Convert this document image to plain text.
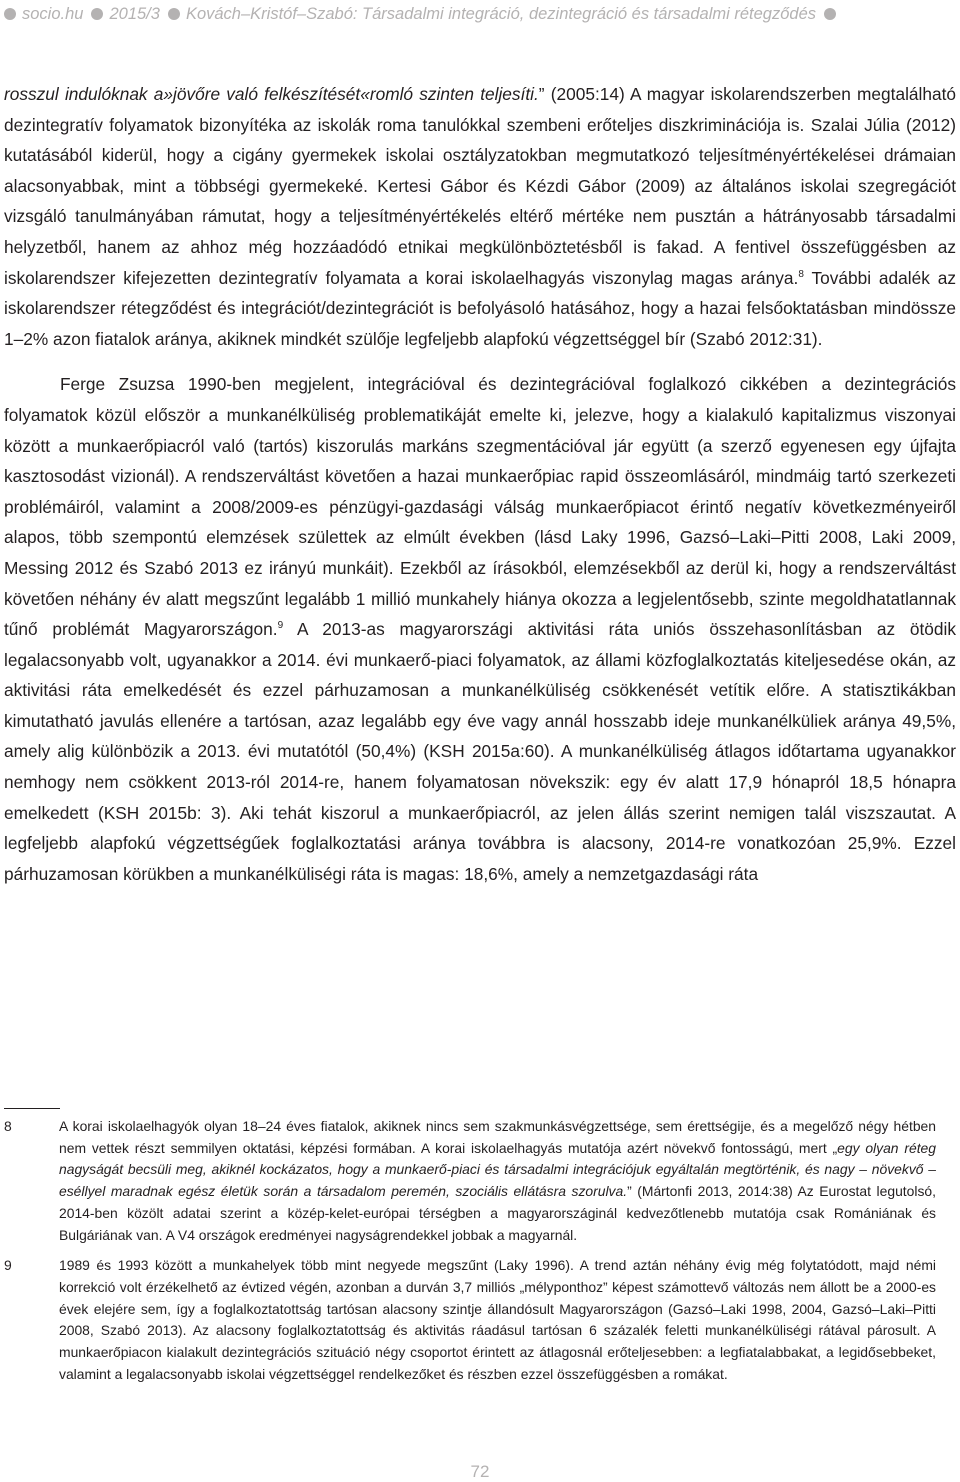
socio.hu 2015/3 Kovách–Kristóf–Szabó: Társadalmi integráció, dezintegráció és társadalmi rétegződés

rosszul indulóknak a»jövőre való felkészítését«romló szinten teljesíti.” (2005:14) A magyar iskolarendszerben megtalálható dezintegratív folyamatok bizonyítéka az iskolák roma tanulókkal szembeni erőteljes diszkriminációja is. Szalai Júlia (2012) kutatásából kiderül, hogy a cigány gyermekek iskolai osztályzatokban megmutatkozó teljesítményértékelései drámaian alacsonyabbak, mint a többségi gyermekeké. Kertesi Gábor és Kézdi Gábor (2009) az általános iskolai szegregációt vizsgáló tanulmányában rámutat, hogy a teljesítményértékelés eltérő mértéke nem pusztán a hátrányosabb társadalmi helyzetből, hanem az ahhoz még hozzáadódó etnikai megkülönböztetésből is fakad. A fentivel összefüggésben az iskolarendszer kifejezetten dezintegratív folyamata a korai iskolaelhagyás viszonylag magas aránya.$^8$ További adalék az iskolarendszer rétegződést és integrációt/dezintegrációt is befolyásoló hatásához, hogy a hazai felsőoktatásban mindössze 1–2% azon fiatalok aránya, akiknek mindkét szülője legfeljebb alapfokú végzettséggel bír (Szabó 2012:31).

Ferge Zsuzsa 1990-ben megjelent, integrációval és dezintegrációval foglalkozó cikkében a dezintegrációs folyamatok közül először a munkanélküliség problematikáját emelte ki, jelezve, hogy a kialakuló kapitalizmus viszonyai között a munkaerőpiacról való (tartós) kiszorulás markáns szegmentációval jár együtt (a szerző egyenesen egy újfajta kasztosodást vizionál). A rendszerváltást követően a hazai munkaerőpiac rapid összeomlásáról, mindmáig tartó szerkezeti problémáiról, valamint a 2008/2009-es pénzügyi-gazdasági válság munkaerőpiacot érintő negatív következményeiről alapos, több szempontú elemzések születtek az elmúlt években (lásd Laky 1996, Gazsó–Laki–Pitti 2008, Laki 2009, Messing 2012 és Szabó 2013 ez irányú munkáit). Ezekből az írásokból, elemzésekből az derül ki, hogy a rendszerváltást követően néhány év alatt megszűnt legalább 1 millió munkahely hiánya okozza a legjelentősebb, szinte megoldhatatlannak tűnő problémát Magyarországon.$^9$ A 2013-as magyarországi aktivitási ráta uniós összehasonlításban az ötödik legalacsonyabb volt, ugyanakkor a 2014. évi munkaerő-piaci folyamatok, az állami közfoglalkoztatás kiteljesedése okán, az aktivitási ráta emelkedését és ezzel párhuzamosan a munkanélküliség csökkenését vetítik előre. A statisztikákban kimutatható javulás ellenére a tartósan, azaz legalább egy éve vagy annál hosszabb ideje munkanélküliek aránya 49,5%, amely alig különbözik a 2013. évi mutatótól (50,4%) (KSH 2015a:60). A munkanélküliség átlagos időtartama ugyanakkor nemhogy nem csökkent 2013-ról 2014-re, hanem folyamatosan növekszik: egy év alatt 17,9 hónapról 18,5 hónapra emelkedett (KSH 2015b: 3). Aki tehát kiszorul a munkaerőpiacról, az jelen állás szerint nemigen talál viszszautat. A legfeljebb alapfokú végzettségűek foglalkoztatási aránya továbbra is alacsony, 2014-re vonatkozóan 25,9%. Ezzel párhuzamosan körükben a munkanélküliségi ráta is magas: 18,6%, amely a nemzetgazdasági ráta

8	A korai iskolaelhagyók olyan 18–24 éves fiatalok, akiknek nincs sem szakmunkásvégzettsége, sem érettségije, és a megelőző négy hétben nem vettek részt semmilyen oktatási, képzési formában. A korai iskolaelhagyás mutatója azért növekvő fontosságú, mert „egy olyan réteg nagyságát becsüli meg, akiknél kockázatos, hogy a munkaerő-piaci és társadalmi integrációjuk egyáltalán megtörténik, és nagy – növekvő – eséllyel maradnak egész életük során a társadalom peremén, szociális ellátásra szorulva.” (Mártonfi 2013, 2014:38) Az Eurostat legutolsó, 2014-ben közölt adatai szerint a közép-kelet-európai térségben a magyarországinál kedvezőtlenebb mutatója csak Romániának és Bulgáriának van. A V4 országok eredményei nagyságrendekkel jobbak a magyarnál.

9	1989 és 1993 között a munkahelyek több mint negyede megszűnt (Laky 1996). A trend aztán néhány évig még folytatódott, majd némi korrekció volt érzékelhető az évtized végén, azonban a durván 3,7 milliós „mélyponthoz” képest számottevő változás nem állott be a 2000-es évek elejére sem, így a foglalkoztatottság tartósan alacsony szintje állandósult Magyarországon (Gazsó–Laki 1998, 2004, Gazsó–Laki–Pitti 2008, Szabó 2013). Az alacsony foglalkoztatottság és aktivitás ráadásul tartósan 6 százalék feletti munkanélküliségi rátával párosult. A munkaerőpiacon kialakult dezintegrációs szituáció négy csoportot érintett az átlagosnál erőteljesebben: a legfiatalabbakat, a legidősebbeket, valamint a legalacsonyabb iskolai végzettséggel rendelkezőket és részben ezzel összefüggésben a romákat.

72
